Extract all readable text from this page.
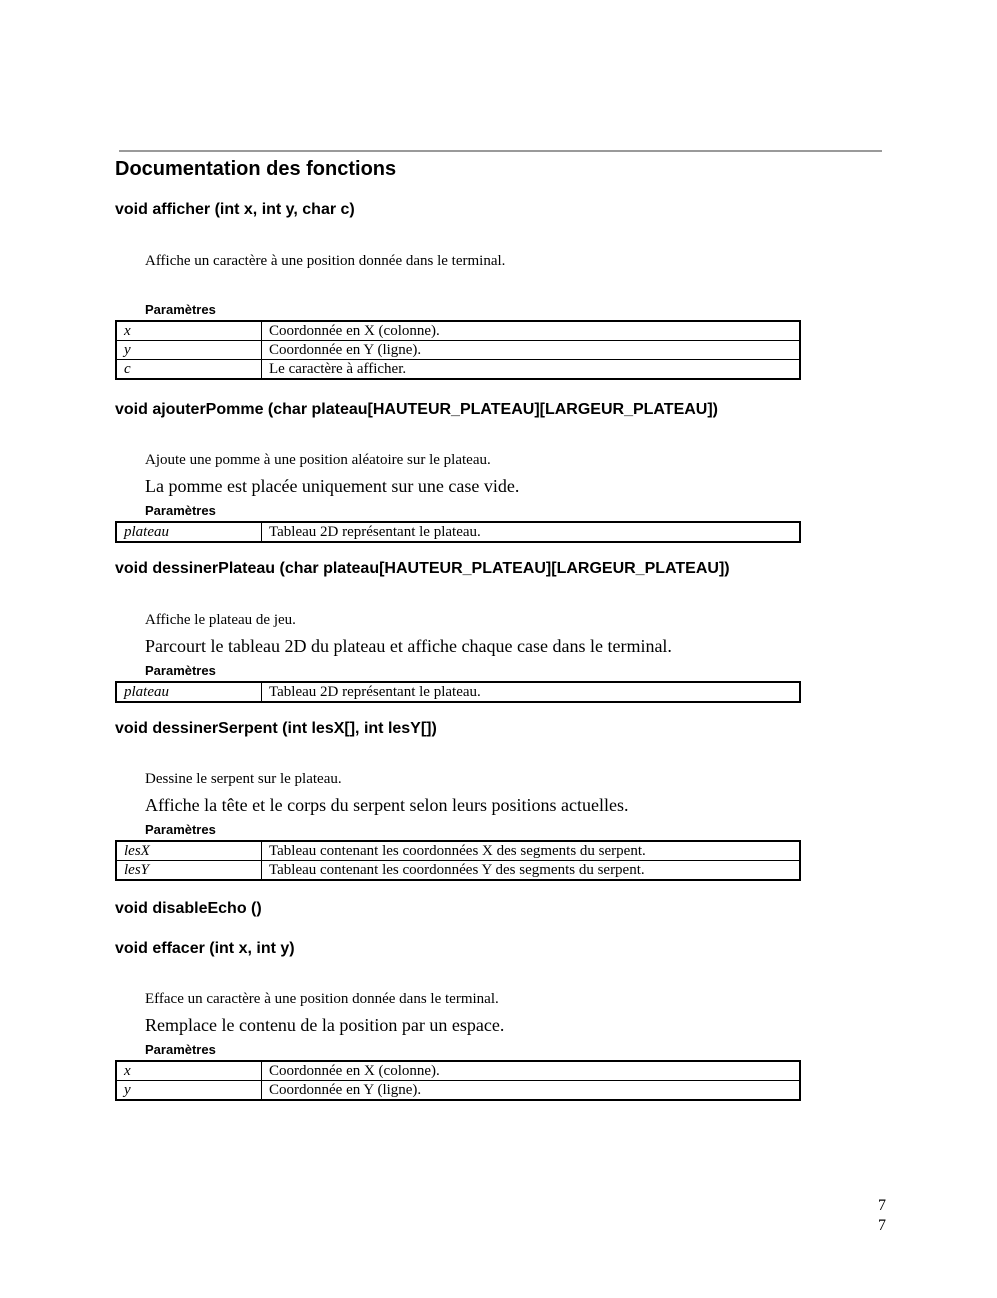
Documentation des fonctions
void afficher (int x, int y, char c)
Affiche un caractère à une position donnée dans le terminal.
Paramètres
x	Coordonnée en X (colonne).
y	Coordonnée en Y (ligne).
c	Le caractère à afficher.
void ajouterPomme (char plateau[HAUTEUR_PLATEAU][LARGEUR_PLATEAU])
Ajoute une pomme à une position aléatoire sur le plateau.
La pomme est placée uniquement sur une case vide.
Paramètres
plateau	Tableau 2D représentant le plateau.
void dessinerPlateau (char plateau[HAUTEUR_PLATEAU][LARGEUR_PLATEAU])
Affiche le plateau de jeu.
Parcourt le tableau 2D du plateau et affiche chaque case dans le terminal.
Paramètres
plateau	Tableau 2D représentant le plateau.
void dessinerSerpent (int lesX[], int lesY[])
Dessine le serpent sur le plateau.
Affiche la tête et le corps du serpent selon leurs positions actuelles.
Paramètres
lesX	Tableau contenant les coordonnées X des segments du serpent.
lesY	Tableau contenant les coordonnées Y des segments du serpent.
void disableEcho ()
void effacer (int x, int y)
Efface un caractère à une position donnée dans le terminal.
Remplace le contenu de la position par un espace.
Paramètres
x	Coordonnée en X (colonne).
y	Coordonnée en Y (ligne).
7
7
